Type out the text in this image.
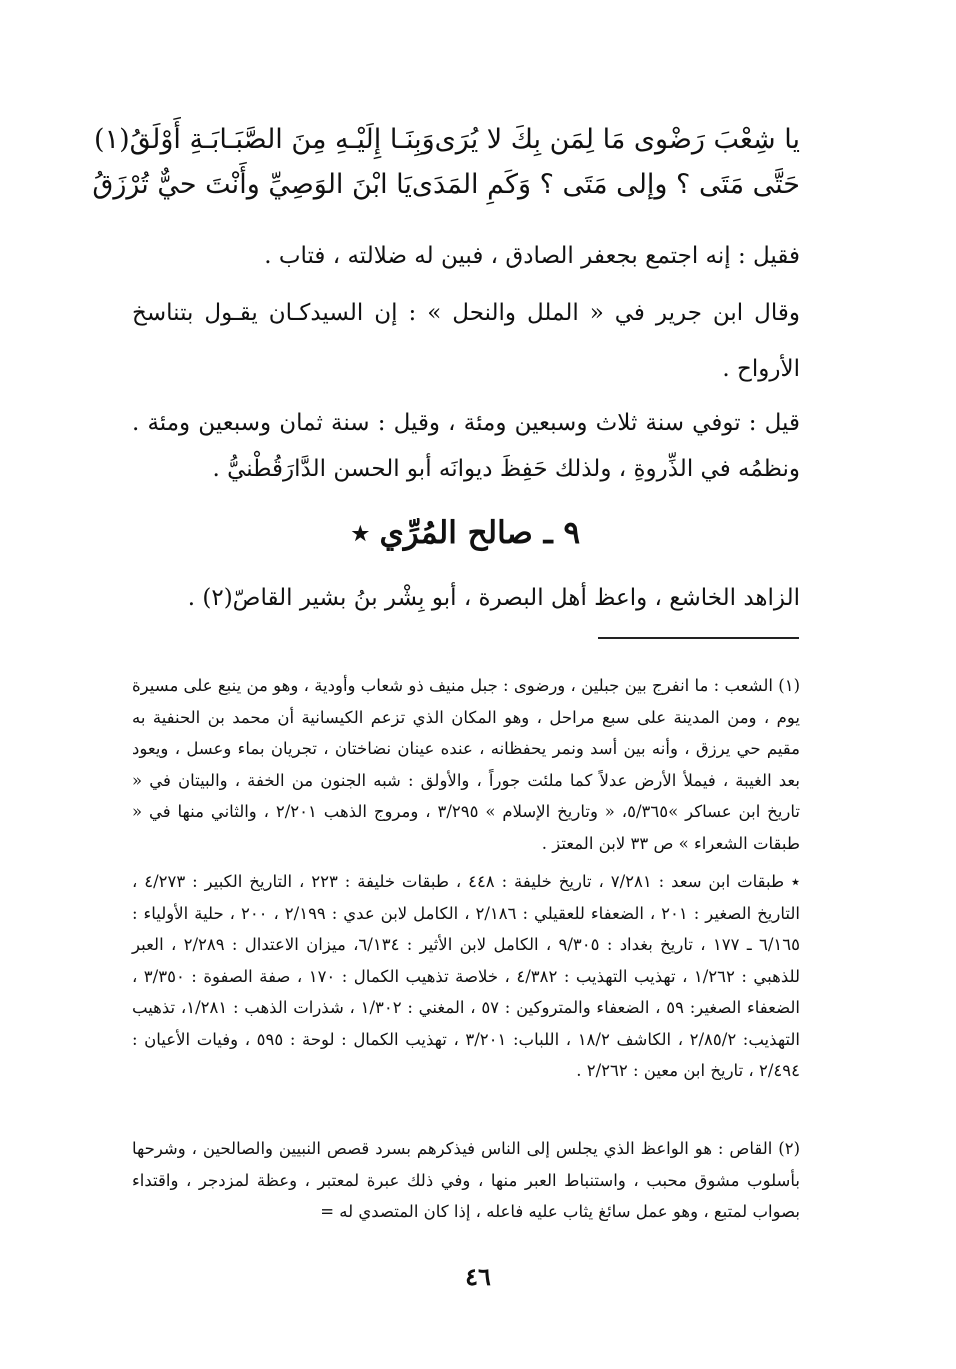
يا شِعْبَ رَضْوى مَا لِمَن بِكَ لا يُرَى
وَبِنَـا إِلَيْـهِ مِنَ الصَّبَـابَـةِ أَوْلَقُ(١)
حَتَّى مَتَى ؟ وإلى مَتَى ؟ وَكَمِ المَدَى
يَا ابْنَ الوَصِيِّ وأَنْتَ حيٌّ تُرْزَقُ
فقيل : إنه اجتمع بجعفر الصادق ، فبين له ضلالته ، فتاب .
وقال ابن جرير في « الملل والنحل » : إن السيدكـان يقـول بتناسخ الأرواح .
قيل : توفي سنة ثلاث وسبعين ومئة ، وقيل : سنة ثمان وسبعين ومئة . ونظمُه في الذِّروةِ ، ولذلك حَفِظَ ديوانَه أبو الحسن الدَّارَقُطْنيُّ .
٩ ـ صالح المُرِّي ٭
الزاهد الخاشع ، واعظ أهل البصرة ، أبو بِشْر بنُ بشير القاصّ(٢) .

(١) الشعب : ما انفرج بين جبلين ، ورضوى : جبل منيف ذو شعاب وأودية ، وهو من ينبع على مسيرة يوم ، ومن المدينة على سبع مراحل ، وهو المكان الذي تزعم الكيسانية أن محمد بن الحنفية به مقيم حي يرزق ، وأنه بين أسد ونمر يحفظانه ، عنده عينان نضاختان ، تجريان بماء وعسل ، ويعود بعد الغيبة ، فيملأ الأرض عدلاً كما ملئت جوراً ، والأولق : شبه الجنون من الخفة ، والبيتان في « تاريخ ابن عساكر »٥/٣٦٥، « وتاريخ الإسلام » ٣/٢٩٥ ، ومروج الذهب ٢/٢٠١ ، والثاني منها في « طبقات الشعراء » ص ٣٣ لابن المعتز .

٭ طبقات ابن سعد : ٧/٢٨١ ، تاريخ خليفة : ٤٤٨ ، طبقات خليفة : ٢٢٣ ، التاريخ الكبير : ٤/٢٧٣ ، التاريخ الصغير : ٢٠١ ، الضعفاء للعقيلي : ٢/١٨٦ ، الكامل لابن عدي : ٢/١٩٩ ، ٢٠٠ ، حلية الأولياء : ٦/١٦٥ ـ ١٧٧ ، تاريخ بغداد : ٩/٣٠٥ ، الكامل لابن الأثير : ٦/١٣٤، ميزان الاعتدال : ٢/٢٨٩ ، العبر للذهبي : ١/٢٦٢ ، تهذيب التهذيب : ٤/٣٨٢ ، خلاصة تذهيب الكمال : ١٧٠ ، صفة الصفوة : ٣/٣٥٠ ، الضعفاء الصغير: ٥٩ ، الضعفاء والمتروكين : ٥٧ ، المغني : ١/٣٠٢ ، شذرات الذهب : ١/٢٨١، تذهيب التهذيب: ٢/٨٥/٢ ، الكاشف ١٨/٢ ، اللباب: ٣/٢٠١ ، تهذيب الكمال : لوحة : ٥٩٥ ، وفيات الأعيان : ٢/٤٩٤ ، تاريخ ابن معين : ٢/٢٦٢ .

(٢) القاص : هو الواعظ الذي يجلس إلى الناس فيذكرهم بسرد قصص النبيين والصالحين ، وشرحها بأسلوب مشوق محبب ، واستنباط العبر منها ، وفي ذلك عبرة لمعتبر ، وعظة لمزدجر ، واقتداء بصواب لمتبع ، وهو عمل سائغ يثاب عليه فاعله ، إذا كان المتصدي له =

٤٦
